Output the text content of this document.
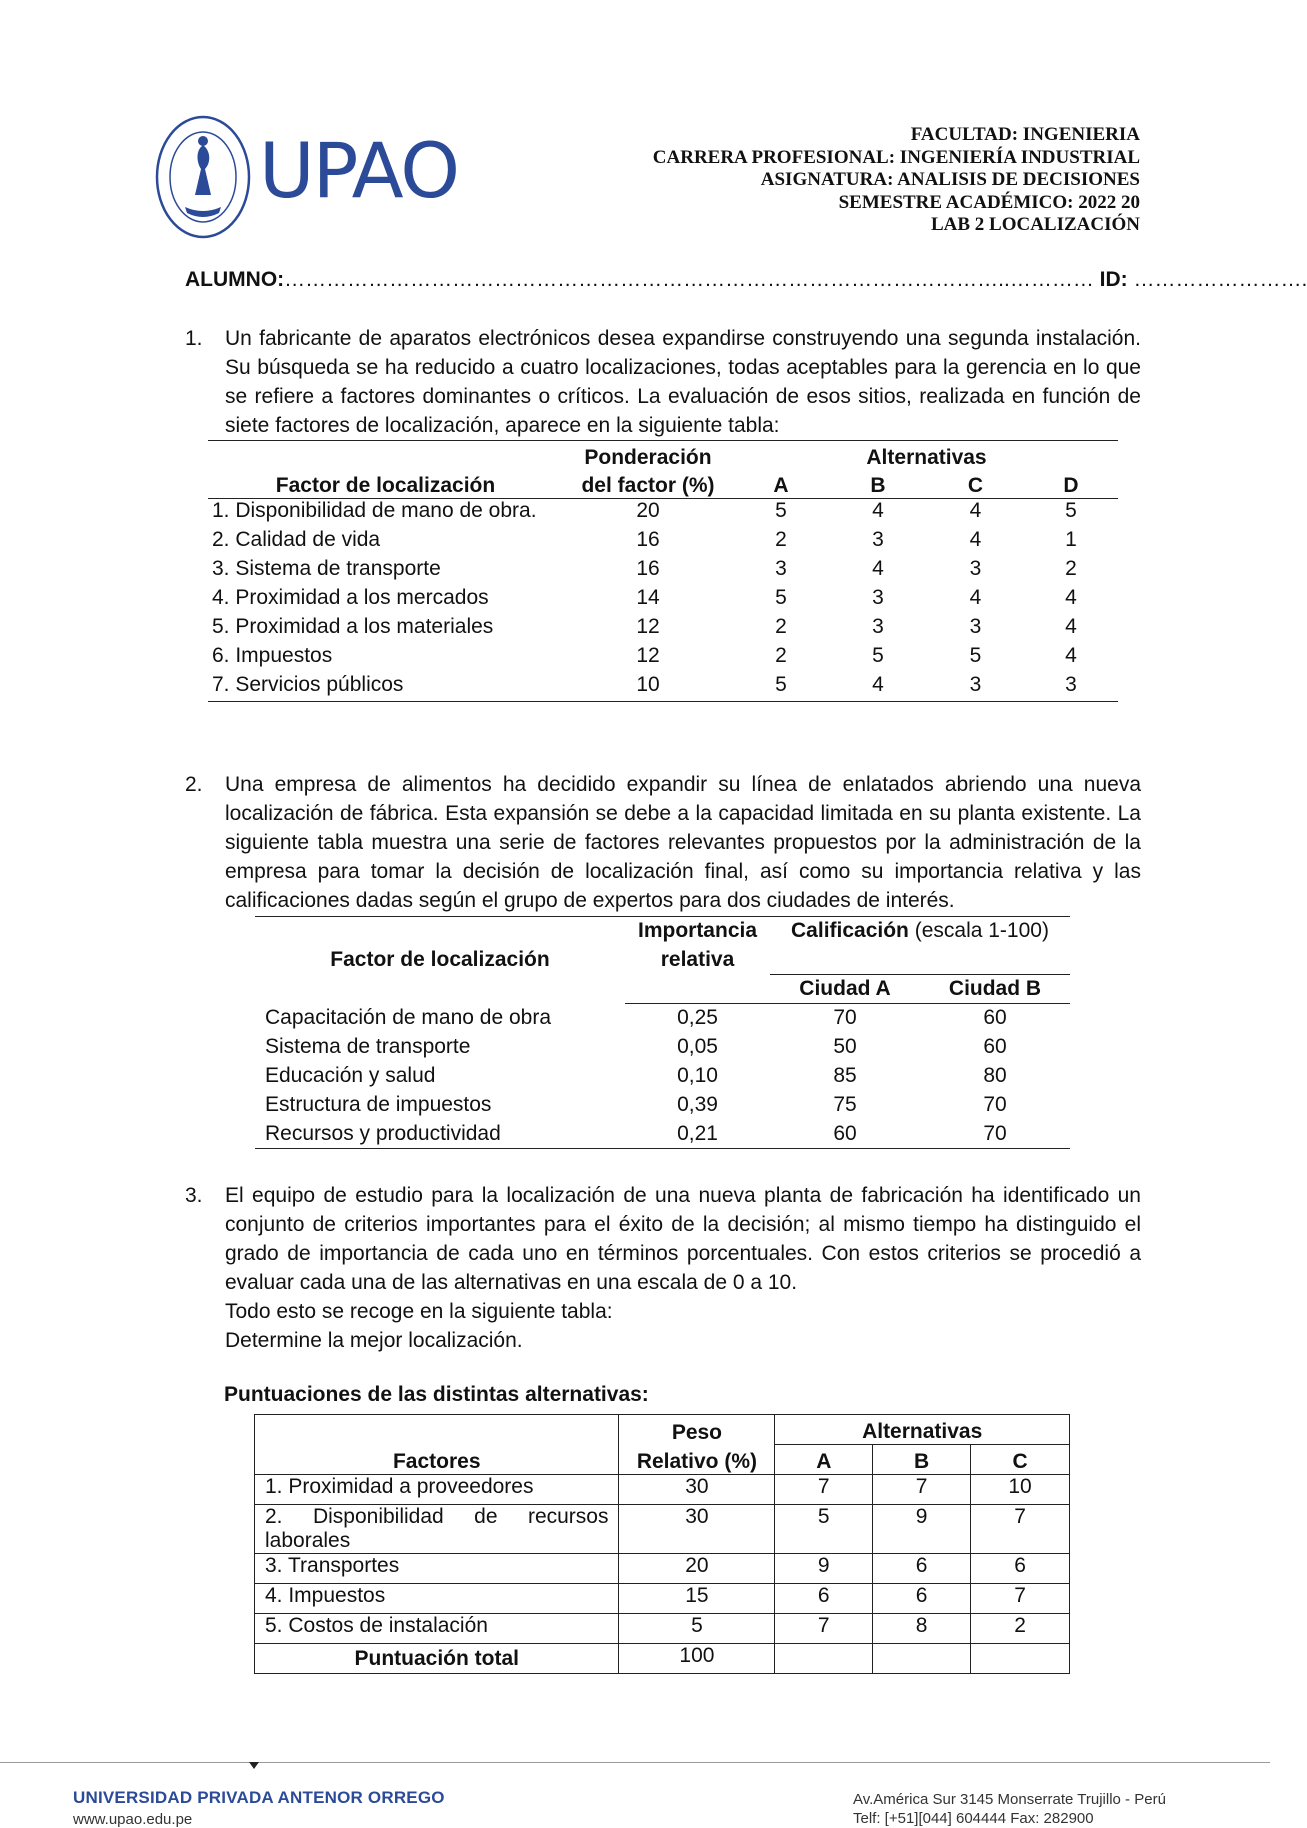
UPAO	FACULTAD: INGENIERIA
CARRERA PROFESIONAL: INGENIERÍA INDUSTRIAL
ASIGNATURA: ANALISIS DE DECISIONES
SEMESTRE ACADÉMICO: 2022 20
LAB 2 LOCALIZACIÓN
ALUMNO:…………………………………………………………………………………………..………… ID: …………………….
1. Un fabricante de aparatos electrónicos desea expandirse construyendo una segunda instalación. Su búsqueda se ha reducido a cuatro localizaciones, todas aceptables para la gerencia en lo que se refiere a factores dominantes o críticos. La evaluación de esos sitios, realizada en función de siete factores de localización, aparece en la siguiente tabla:

	Ponderación		Alternativas		
Factor de localización	del factor (%)	A	B	C	D
1. Disponibilidad de mano de obra.	20	5	4	4	5
2. Calidad de vida	16	2	3	4	1
3. Sistema de transporte	16	3	4	3	2
4. Proximidad a los mercados	14	5	3	4	4
5. Proximidad a los materiales	12	2	3	3	4
6. Impuestos	12	2	5	5	4
7. Servicios públicos	10	5	4	3	3
2. Una empresa de alimentos ha decidido expandir su línea de enlatados abriendo una nueva localización de fábrica. Esta expansión se debe a la capacidad limitada en su planta existente. La siguiente tabla muestra una serie de factores relevantes propuestos por la administración de la empresa para tomar la decisión de localización final, así como su importancia relativa y las calificaciones dadas según el grupo de expertos para dos ciudades de interés.

Factor de localización	Importancia	Calificación (escala 1-100)	
	relativa		
		Ciudad A	Ciudad B
Capacitación de mano de obra	0,25	70	60
Sistema de transporte	0,05	50	60
Educación y salud	0,10	85	80
Estructura de impuestos	0,39	75	70
Recursos y productividad	0,21	60	70
3. El equipo de estudio para la localización de una nueva planta de fabricación ha identificado un conjunto de criterios importantes para el éxito de la decisión; al mismo tiempo ha distinguido el grado de importancia de cada uno en términos porcentuales. Con estos criterios se procedió a evaluar cada una de las alternativas en una escala de 0 a 10.

Todo esto se recoge en la siguiente tabla:

Determine la mejor localización.

Puntuaciones de las distintas alternativas:
Factores	Peso	Alternativas		
	Relativo (%)	A	B	C
1. Proximidad a proveedores	30	7	7	10
2. Disponibilidad de recursos laborales	30	5	9	7
3. Transportes	20	9	6	6
4. Impuestos	15	6	6	7
5. Costos de instalación	5	7	8	2
Puntuación total	100			
UNIVERSIDAD PRIVADA ANTENOR ORREGO
www.upao.edu.pe
Av.América Sur 3145 Monserrate Trujillo - Perú
Telf: [+51][044] 604444 Fax: 282900
